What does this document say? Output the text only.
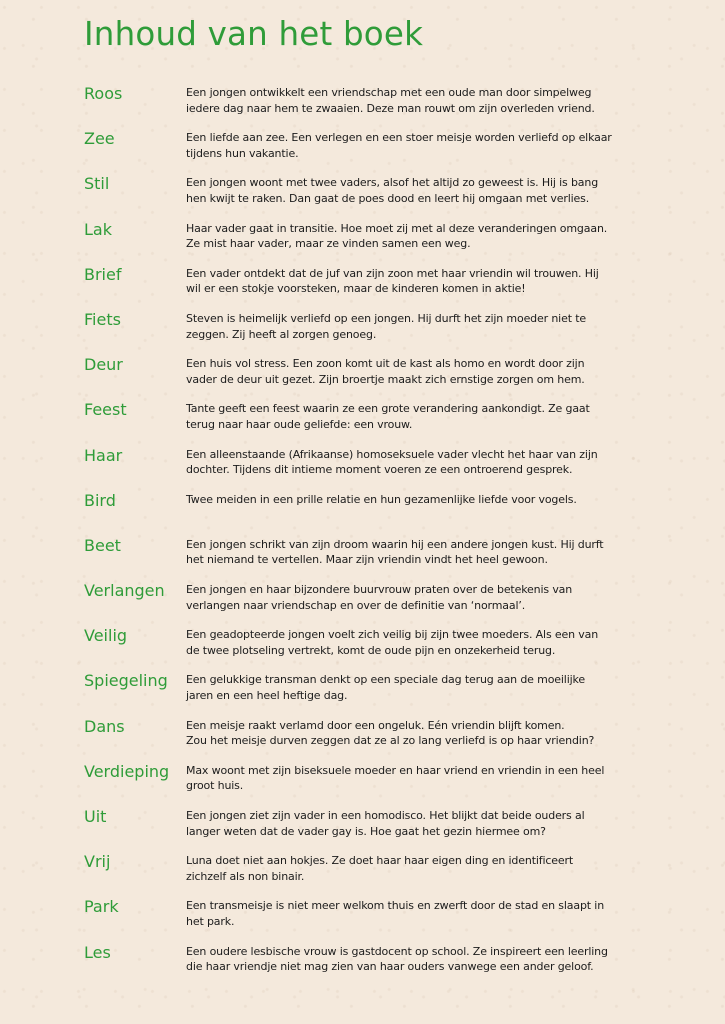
Inhoud van het boek
Roos	Een jongen ontwikkelt een vriendschap met een oude man door simpelweg
iedere dag naar hem te zwaaien. Deze man rouwt om zijn overleden vriend.
Zee	Een liefde aan zee. Een verlegen en een stoer meisje worden verliefd op elkaar
tijdens hun vakantie.
Stil	Een jongen woont met twee vaders, alsof het altijd zo geweest is. Hij is bang
hen kwijt te raken. Dan gaat de poes dood en leert hij omgaan met verlies.
Lak	Haar vader gaat in transitie. Hoe moet zij met al deze veranderingen omgaan.
Ze mist haar vader, maar ze vinden samen een weg.
Brief	Een vader ontdekt dat de juf van zijn zoon met haar vriendin wil trouwen. Hij
wil er een stokje voorsteken, maar de kinderen komen in aktie!
Fiets	Steven is heimelijk verliefd op een jongen. Hij durft het zijn moeder niet te
zeggen. Zij heeft al zorgen genoeg.
Deur	Een huis vol stress. Een zoon komt uit de kast als homo en wordt door zijn
vader de deur uit gezet. Zijn broertje maakt zich ernstige zorgen om hem.
Feest	Tante geeft een feest waarin ze een grote verandering aankondigt. Ze gaat
terug naar haar oude geliefde: een vrouw.
Haar	Een alleenstaande (Afrikaanse) homoseksuele vader vlecht het haar van zijn
dochter. Tijdens dit intieme moment voeren ze een ontroerend gesprek.
Bird	Twee meiden in een prille relatie en hun gezamenlijke liefde voor vogels.
Beet	Een jongen schrikt van zijn droom waarin hij een andere jongen kust. Hij durft
het niemand te vertellen. Maar zijn vriendin vindt het heel gewoon.
Verlangen Een jongen en haar bijzondere buurvrouw praten over de betekenis van
verlangen naar vriendschap en over de definitie van ‘normaal’.
Veilig	Een geadopteerde jongen voelt zich veilig bij zijn twee moeders. Als een van
de twee plotseling vertrekt, komt de oude pijn en onzekerheid terug.
Spiegeling Een gelukkige transman denkt op een speciale dag terug aan de moeilijke
jaren en een heel heftige dag.
Dans	Een meisje raakt verlamd door een ongeluk. Eén vriendin blijft komen.
Zou het meisje durven zeggen dat ze al zo lang verliefd is op haar vriendin?
Verdieping Max woont met zijn biseksuele moeder en haar vriend en vriendin in een heel
groot huis.
Uit	Een jongen ziet zijn vader in een homodisco. Het blijkt dat beide ouders al
langer weten dat de vader gay is. Hoe gaat het gezin hiermee om?
Vrij	Luna doet niet aan hokjes. Ze doet haar haar eigen ding en identificeert
zichzelf als non binair.
Park	Een transmeisje is niet meer welkom thuis en zwerft door de stad en slaapt in
het park.
Les	Een oudere lesbische vrouw is gastdocent op school. Ze inspireert een leerling
die haar vriendje niet mag zien van haar ouders vanwege een ander geloof.
